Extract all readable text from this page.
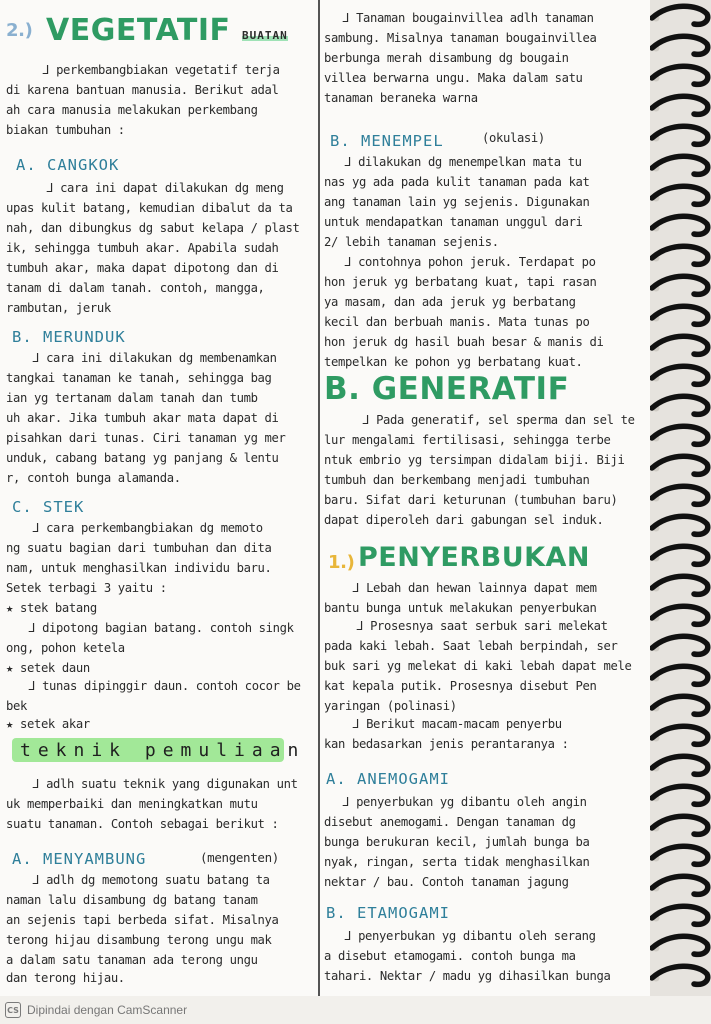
2.) VEGETATIF BUATAN
ᒧ perkembangbiakan vegetatif terja
di karena bantuan manusia. Berikut adal
ah cara manusia melakukan perkembang
biakan tumbuhan :
A. CANGKOK
ᒧ cara ini dapat dilakukan dg meng
upas kulit batang, kemudian dibalut da ta
nah, dan dibungkus dg sabut kelapa / plast
ik, sehingga tumbuh akar. Apabila sudah
tumbuh akar, maka dapat dipotong dan di
tanam di dalam tanah. contoh, mangga,
rambutan, jeruk
B. MERUNDUK
ᒧ cara ini dilakukan dg membenamkan
tangkai tanaman ke tanah, sehingga bag
ian yg tertanam dalam tanah dan tumb
uh akar. Jika tumbuh akar mata dapat di
pisahkan dari tunas. Ciri tanaman yg mer
unduk, cabang batang yg panjang & lentu
r, contoh bunga alamanda.
C. STEK
ᒧ cara perkembangbiakan dg memoto
ng suatu bagian dari tumbuhan dan dita
nam, untuk menghasilkan individu baru.
Setek terbagi 3 yaitu :
★ stek batang
ᒧ dipotong bagian batang. contoh singk
ong, pohon ketela
★ setek daun
ᒧ tunas dipinggir daun. contoh cocor be
bek
★ setek akar
teknik pemuliaan
ᒧ adlh suatu teknik yang digunakan unt
uk memperbaiki dan meningkatkan mutu
suatu tanaman. Contoh sebagai berikut :
A. MENYAMBUNG	(mengenten)
ᒧ adlh dg memotong suatu batang ta
naman lalu disambung dg batang tanam
an sejenis tapi berbeda sifat. Misalnya
terong hijau disambung terong ungu mak
a dalam satu tanaman ada terong ungu
dan terong hijau.
ᒧ Tanaman bougainvillea adlh tanaman
sambung. Misalnya tanaman bougainvillea
berbunga merah disambung dg bougain
villea berwarna ungu. Maka dalam satu
tanaman beraneka warna
B. MENEMPEL	(okulasi)
ᒧ dilakukan dg menempelkan mata tu
nas yg ada pada kulit tanaman pada kat
ang tanaman lain yg sejenis. Digunakan
untuk mendapatkan tanaman unggul dari
2/ lebih tanaman sejenis.
ᒧ contohnya pohon jeruk. Terdapat po
hon jeruk yg berbatang kuat, tapi rasan
ya masam, dan ada jeruk yg berbatang
kecil dan berbuah manis. Mata tunas po
hon jeruk dg hasil buah besar & manis di
tempelkan ke pohon yg berbatang kuat.
B. GENERATIF
ᒧ Pada generatif, sel sperma dan sel te
lur mengalami fertilisasi, sehingga terbe
ntuk embrio yg tersimpan didalam biji. Biji
tumbuh dan berkembang menjadi tumbuhan
baru. Sifat dari keturunan (tumbuhan baru)
dapat diperoleh dari gabungan sel induk.
1.) PENYERBUKAN
ᒧ Lebah dan hewan lainnya dapat mem
bantu bunga untuk melakukan penyerbukan
ᒧ Prosesnya saat serbuk sari melekat
pada kaki lebah. Saat lebah berpindah, ser
buk sari yg melekat di kaki lebah dapat mele
kat kepala putik. Prosesnya disebut Pen
yaringan (polinasi)
ᒧ Berikut macam-macam penyerbu
kan bedasarkan jenis perantaranya :
A. ANEMOGAMI
ᒧ penyerbukan yg dibantu oleh angin
disebut anemogami. Dengan tanaman dg
bunga berukuran kecil, jumlah bunga ba
nyak, ringan, serta tidak menghasilkan
nektar / bau. Contoh tanaman jagung
B. ETAMOGAMI
ᒧ penyerbukan yg dibantu oleh serang
a disebut etamogami. contoh bunga ma
tahari. Nektar / madu yg dihasilkan bunga
CS Dipindai dengan CamScanner
